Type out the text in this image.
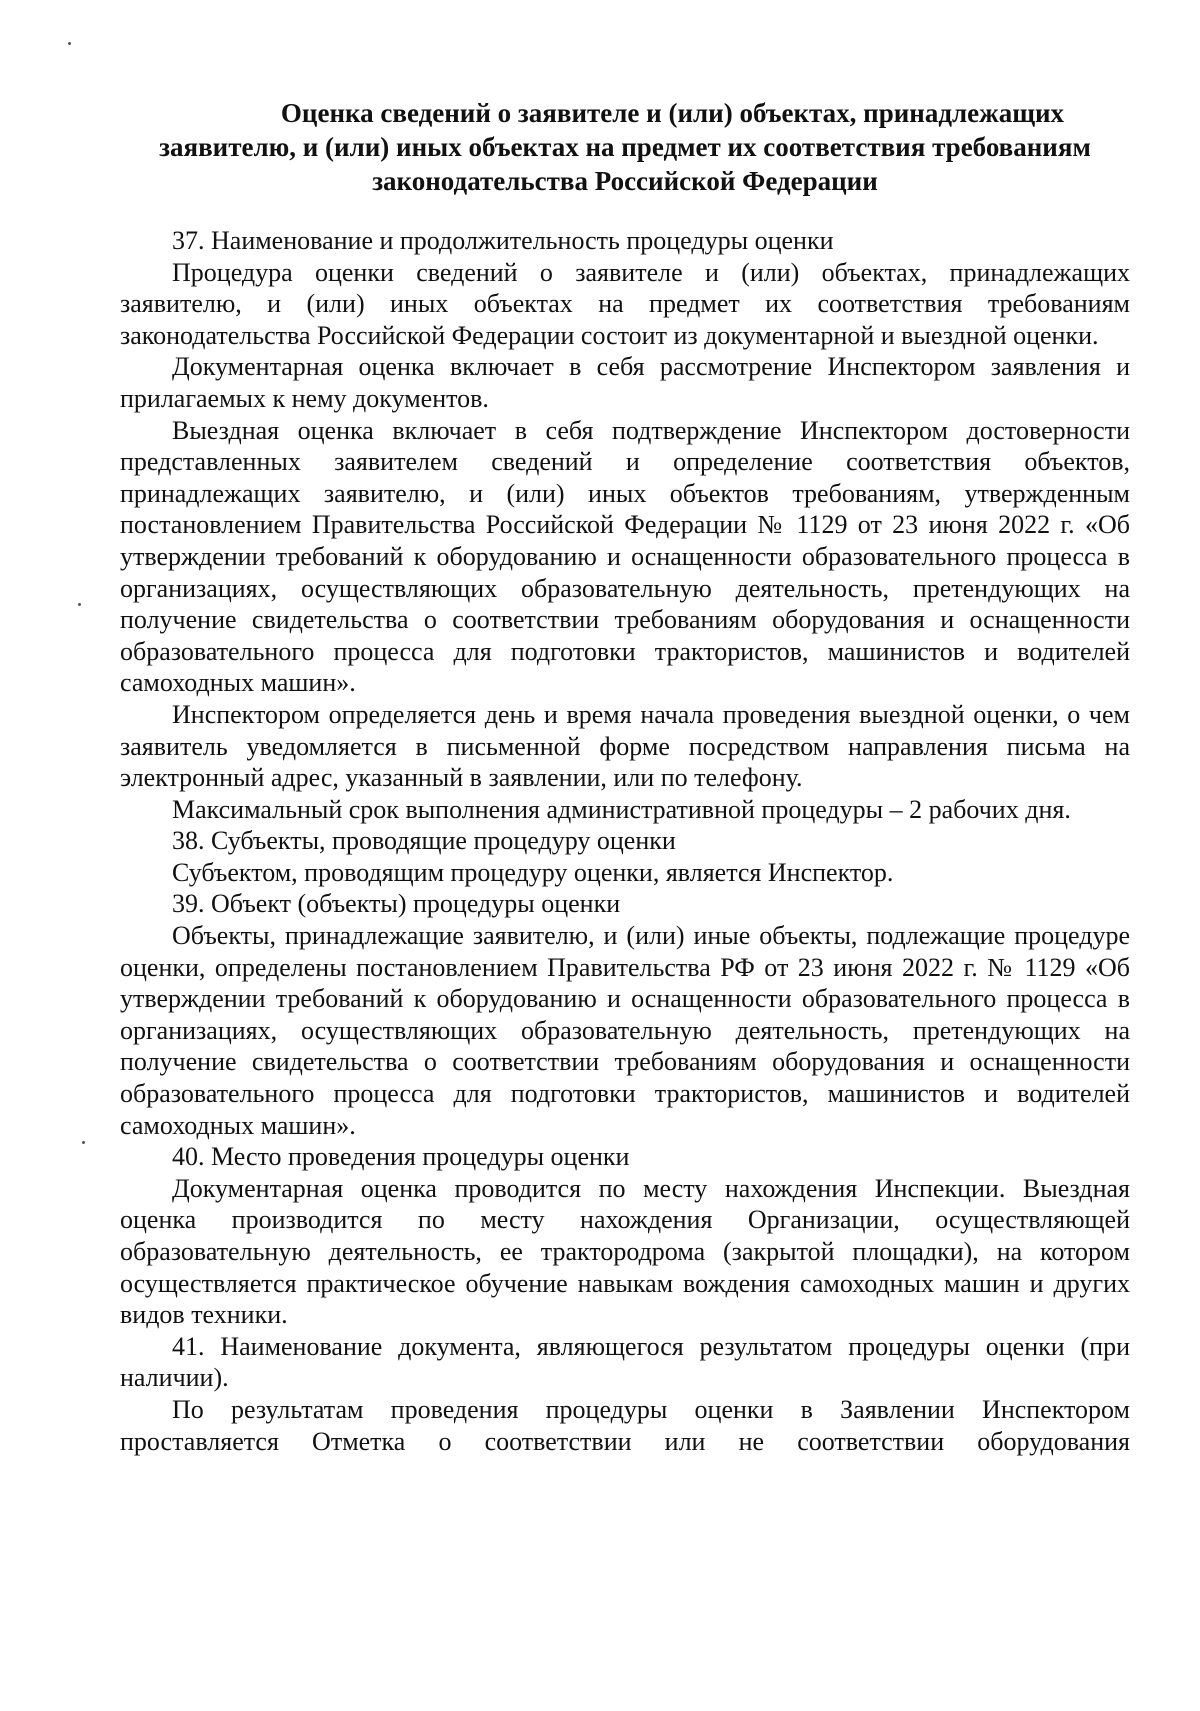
Оценка сведений о заявителе и (или) объектах, принадлежащих
заявителю, и (или) иных объектах на предмет их соответствия требованиям
законодательства Российской Федерации

37. Наименование и продолжительность процедуры оценки

Процедура оценки сведений о заявителе и (или) объектах, принадлежащих заявителю, и (или) иных объектах на предмет их соответствия требованиям законодательства Российской Федерации состоит из документарной и выездной оценки.

Документарная оценка включает в себя рассмотрение Инспектором заявления и прилагаемых к нему документов.

Выездная оценка включает в себя подтверждение Инспектором достоверности представленных заявителем сведений и определение соответствия объектов, принадлежащих заявителю, и (или) иных объектов требованиям, утвержденным постановлением Правительства Российской Федерации № 1129 от 23 июня 2022 г. «Об утверждении требований к оборудованию и оснащенности образовательного процесса в организациях, осуществляющих образовательную деятельность, претендующих на получение свидетельства о соответствии требованиям оборудования и оснащенности образовательного процесса для подготовки трактористов, машинистов и водителей самоходных машин».

Инспектором определяется день и время начала проведения выездной оценки, о чем заявитель уведомляется в письменной форме посредством направления письма на электронный адрес, указанный в заявлении, или по телефону.

Максимальный срок выполнения административной процедуры – 2 рабочих дня.

38. Субъекты, проводящие процедуру оценки

Субъектом, проводящим процедуру оценки, является Инспектор.

39. Объект (объекты) процедуры оценки

Объекты, принадлежащие заявителю, и (или) иные объекты, подлежащие процедуре оценки, определены постановлением Правительства РФ от 23 июня 2022 г. № 1129 «Об утверждении требований к оборудованию и оснащенности образовательного процесса в организациях, осуществляющих образовательную деятельность, претендующих на получение свидетельства о соответствии требованиям оборудования и оснащенности образовательного процесса для подготовки трактористов, машинистов и водителей самоходных машин».

40. Место проведения процедуры оценки

Документарная оценка проводится по месту нахождения Инспекции. Выездная оценка производится по месту нахождения Организации, осуществляющей образовательную деятельность, ее трактородрома (закрытой площадки), на котором осуществляется практическое обучение навыкам вождения самоходных машин и других видов техники.

41. Наименование документа, являющегося результатом процедуры оценки (при наличии).

По результатам проведения процедуры оценки в Заявлении Инспектором проставляется Отметка о соответствии или не соответствии оборудования
